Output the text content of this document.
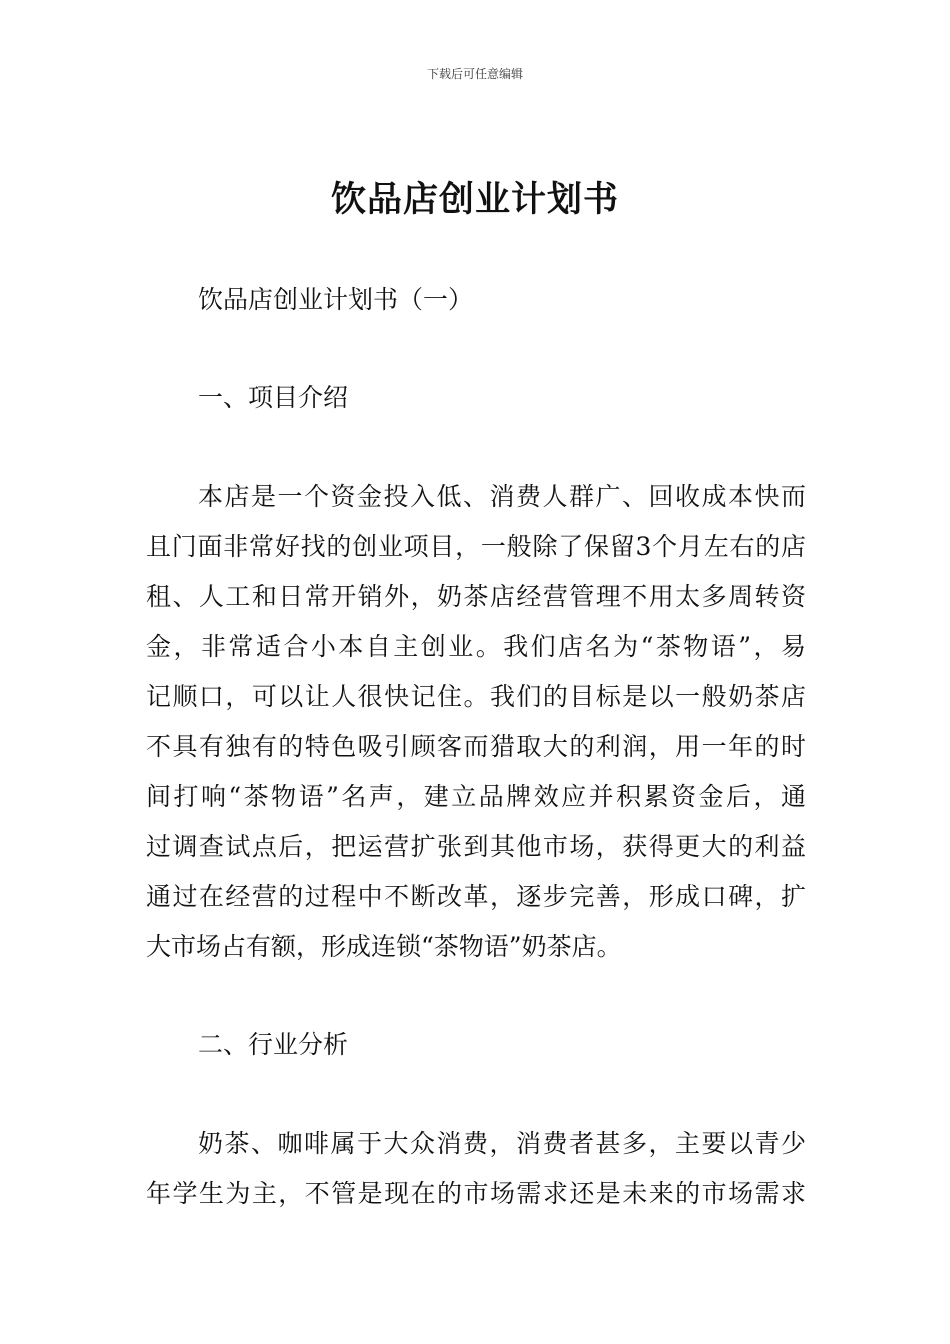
下载后可任意编辑
饮品店创业计划书
饮品店创业计划书（一）
一、项目介绍
本店是一个资金投入低、消费人群广、回收成本快而
且门面非常好找的创业项目，一般除了保留3个月左右的店
租、人工和日常开销外，奶茶店经营管理不用太多周转资
金，非常适合小本自主创业。我们店名为“茶物语”，易
记顺口，可以让人很快记住。我们的目标是以一般奶茶店
不具有独有的特色吸引顾客而猎取大的利润，用一年的时
间打响“茶物语”名声，建立品牌效应并积累资金后，通
过调查试点后，把运营扩张到其他市场，获得更大的利益
通过在经营的过程中不断改革，逐步完善，形成口碑，扩
大市场占有额，形成连锁“茶物语”奶茶店。
二、行业分析
奶茶、咖啡属于大众消费，消费者甚多，主要以青少
年学生为主，不管是现在的市场需求还是未来的市场需求
